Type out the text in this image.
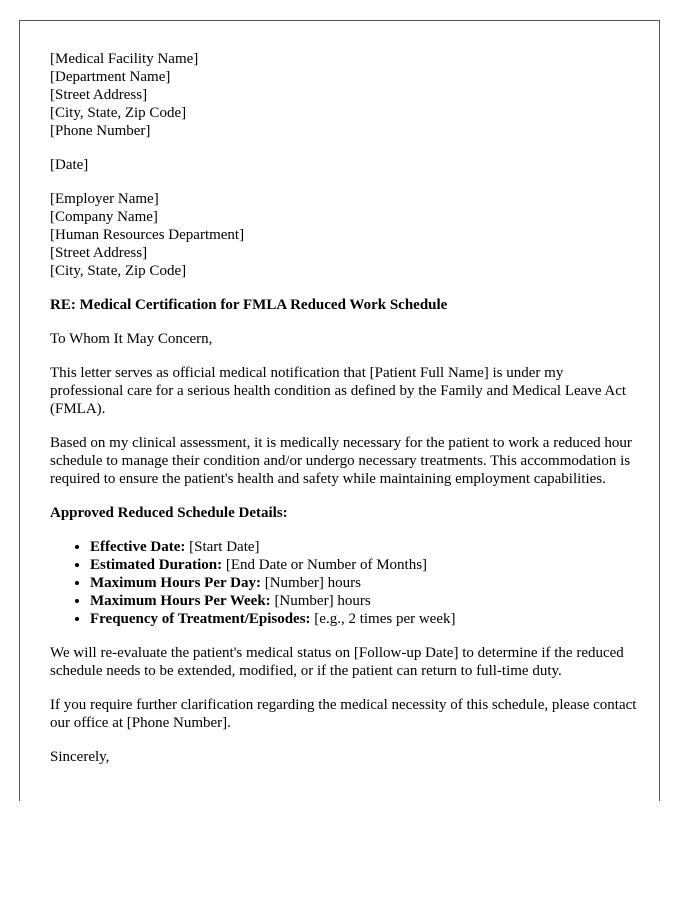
[Medical Facility Name]
[Department Name]
[Street Address]
[City, State, Zip Code]
[Phone Number]

[Date]

[Employer Name]
[Company Name]
[Human Resources Department]
[Street Address]
[City, State, Zip Code]

RE: Medical Certification for FMLA Reduced Work Schedule

To Whom It May Concern,

This letter serves as official medical notification that [Patient Full Name] is under my professional care for a serious health condition as defined by the Family and Medical Leave Act (FMLA).

Based on my clinical assessment, it is medically necessary for the patient to work a reduced hour schedule to manage their condition and/or undergo necessary treatments. This accommodation is required to ensure the patient's health and safety while maintaining employment capabilities.

Approved Reduced Schedule Details:

• Effective Date: [Start Date]
• Estimated Duration: [End Date or Number of Months]
• Maximum Hours Per Day: [Number] hours
• Maximum Hours Per Week: [Number] hours
• Frequency of Treatment/Episodes: [e.g., 2 times per week]

We will re-evaluate the patient's medical status on [Follow-up Date] to determine if the reduced schedule needs to be extended, modified, or if the patient can return to full-time duty.

If you require further clarification regarding the medical necessity of this schedule, please contact our office at [Phone Number].

Sincerely,
